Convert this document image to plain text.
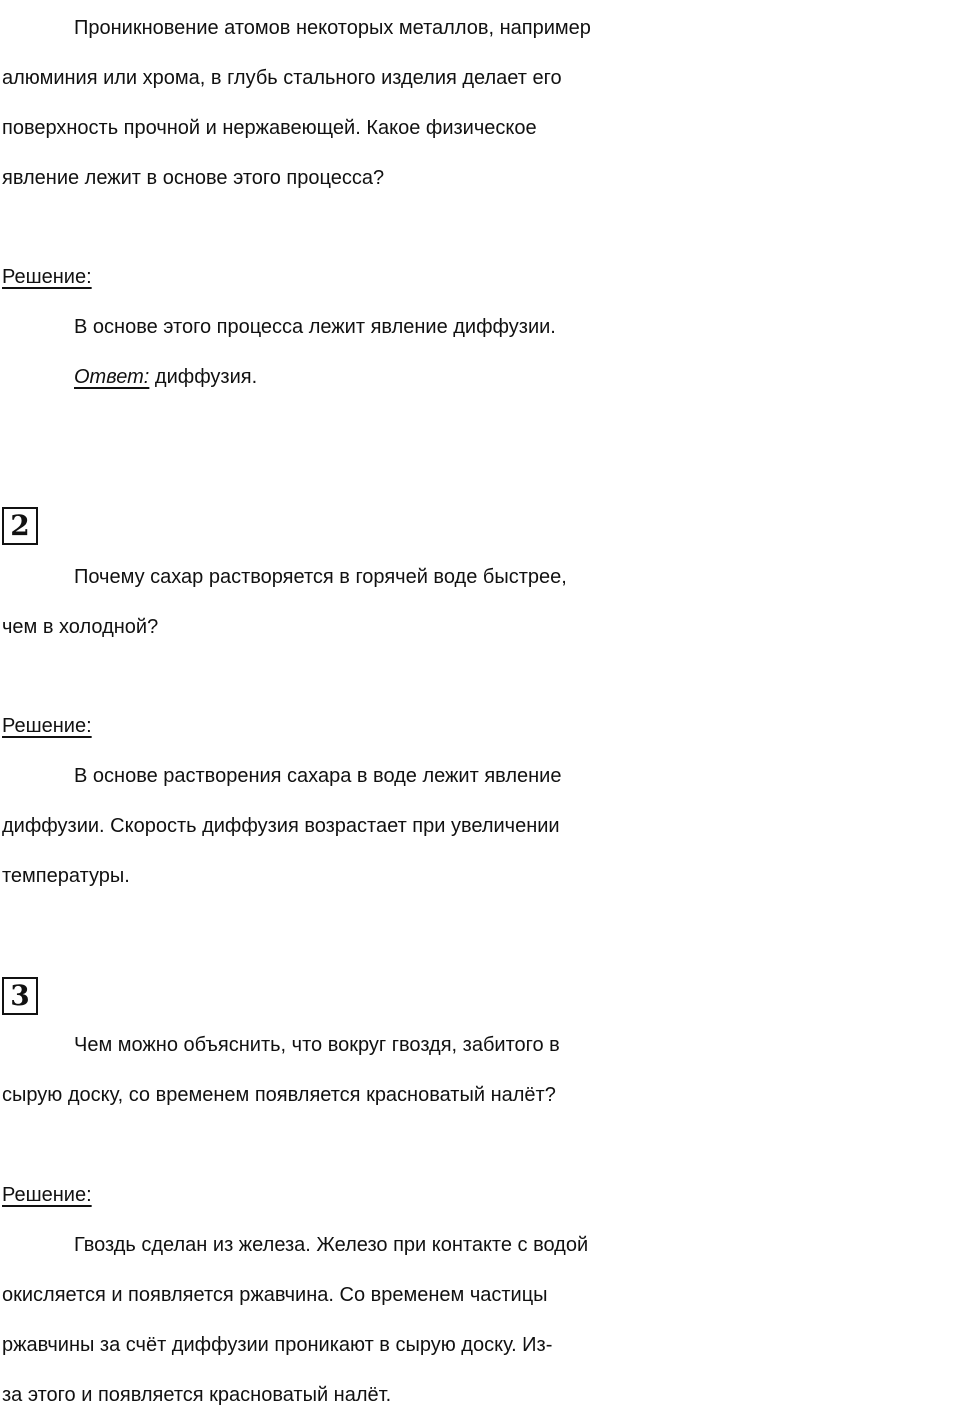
Проникновение атомов некоторых металлов, например
алюминия или хрома, в глубь стального изделия делает его
поверхность прочной и нержавеющей. Какое физическое
явление лежит в основе этого процесса?
Решение:
В основе этого процесса лежит явление диффузии.
Ответ: диффузия.
2
Почему сахар растворяется в горячей воде быстрее,
чем в холодной?
Решение:
В основе растворения сахара в воде лежит явление
диффузии. Скорость диффузия возрастает при увеличении
температуры.
3
Чем можно объяснить, что вокруг гвоздя, забитого в
сырую доску, со временем появляется красноватый налёт?
Решение:
Гвоздь сделан из железа. Железо при контакте с водой
окисляется и появляется ржавчина. Со временем частицы
ржавчины за счёт диффузии проникают в сырую доску. Из-
за этого и появляется красноватый налёт.
